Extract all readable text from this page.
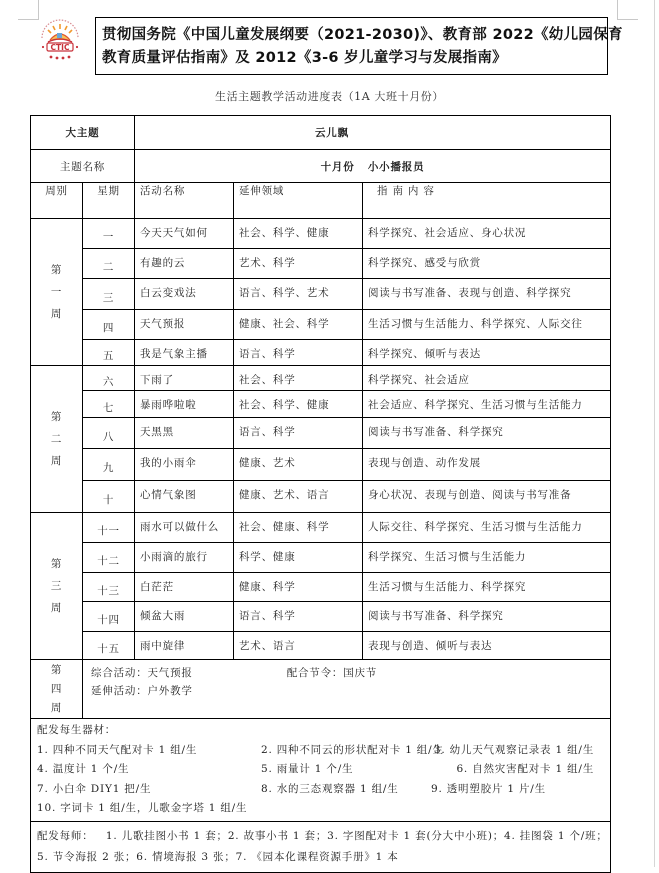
CTIC
贯彻国务院《中国儿童发展纲要（2021-2030)》、教育部 2022《幼儿园保育
教育质量评估指南》及 2012《3-6 岁儿童学习与发展指南》
生活主题教学活动进度表（1A 大班十月份）
大主题		云儿飘		
主题名称		十月份   小小播报员		
周别	星期	活动名称	延伸领域	指 南 内 容

第
一
周	一	今天天气如何	社会、科学、健康	科学探究、社会适应、身心状况
	二	有趣的云	艺术、科学	科学探究、感受与欣赏
	三	白云变戏法	语言、科学、艺术	阅读与书写准备、表现与创造、科学探究
	四	天气预报	健康、社会、科学	生活习惯与生活能力、科学探究、人际交往
	五	我是气象主播	语言、科学	科学探究、倾听与表达

第
二
周	六	下雨了	社会、科学	科学探究、社会适应
	七	暴雨哗啦啦	社会、科学、健康	社会适应、科学探究、生活习惯与生活能力
	八	天黑黑	语言、科学	阅读与书写准备、科学探究
	九	我的小雨伞	健康、艺术	表现与创造、动作发展
	十	心情气象图	健康、艺术、语言	身心状况、表现与创造、阅读与书写准备

第
三
周	十一	雨水可以做什么	社会、健康、科学	人际交往、科学探究、生活习惯与生活能力
	十二	小雨滴的旅行	科学、健康	科学探究、生活习惯与生活能力
	十三	白茫茫	健康、科学	生活习惯与生活能力、科学探究
	十四	倾盆大雨	语言、科学	阅读与书写准备、科学探究
	十五	雨中旋律	艺术、语言	表现与创造、倾听与表达

第
四
周

综合活动：天气预报	配合节令：国庆节
延伸活动：户外教学

配发每生器材：
1. 四种不同天气配对卡 1 组/生	2. 四种不同云的形状配对卡 1 组/生
3. 幼儿天气观察记录表 1 组/生
4. 温度计 1 个/生	5. 雨量计 1 个/生	6. 自然灾害配对卡 1 组/生
7. 小白伞 DIY1 把/生	8. 水的三态观察器 1 组/生	9. 透明塑胶片 1 片/生
10. 字词卡 1 组/生，儿歌金字塔 1 组/生

配发每师：   1. 儿歌挂图小书 1 套；2. 故事小书 1 套；3. 字图配对卡 1 套(分大中小班)；4. 挂图袋 1 个/班；
5. 节令海报 2 张；6. 情境海报 3 张；7. 《园本化课程资源手册》1 本				
